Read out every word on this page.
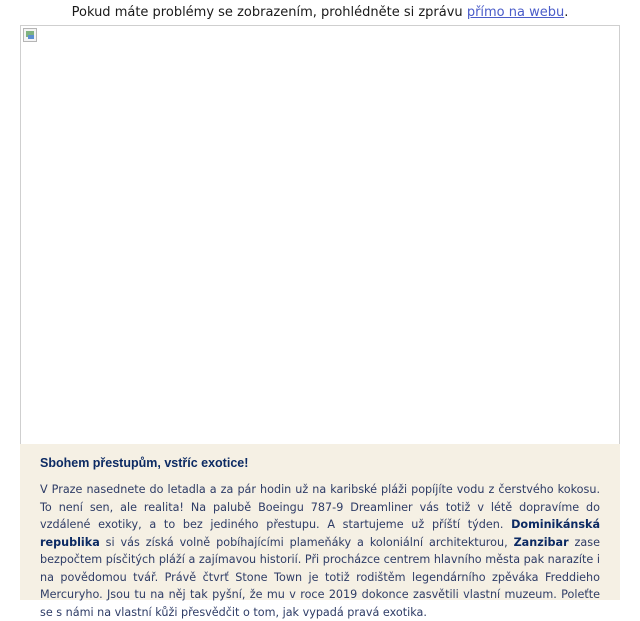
Pokud máte problémy se zobrazením, prohlédněte si zprávu přímo na webu.
Sbohem přestupům, vstříc exotice!

V Praze nasednete do letadla a za pár hodin už na karibské pláži popíjíte vodu z čerstvého kokosu. To není sen, ale realita! Na palubě Boeingu 787-9 Dreamliner vás totiž v létě dopravíme do vzdálené exotiky, a to bez jediného přestupu. A startujeme už příští týden. Dominikánská republika si vás získá volně pobíhajícími plameňáky a koloniální architekturou, Zanzibar zase bezpočtem písčitých pláží a zajímavou historií. Při procházce centrem hlavního města pak narazíte i na povědomou tvář. Právě čtvrť Stone Town je totiž rodištěm legendárního zpěváka Freddieho Mercuryho. Jsou tu na něj tak pyšní, že mu v roce 2019 dokonce zasvětili vlastní muzeum. Poleťte se s námi na vlastní kůži přesvědčit o tom, jak vypadá pravá exotika.
